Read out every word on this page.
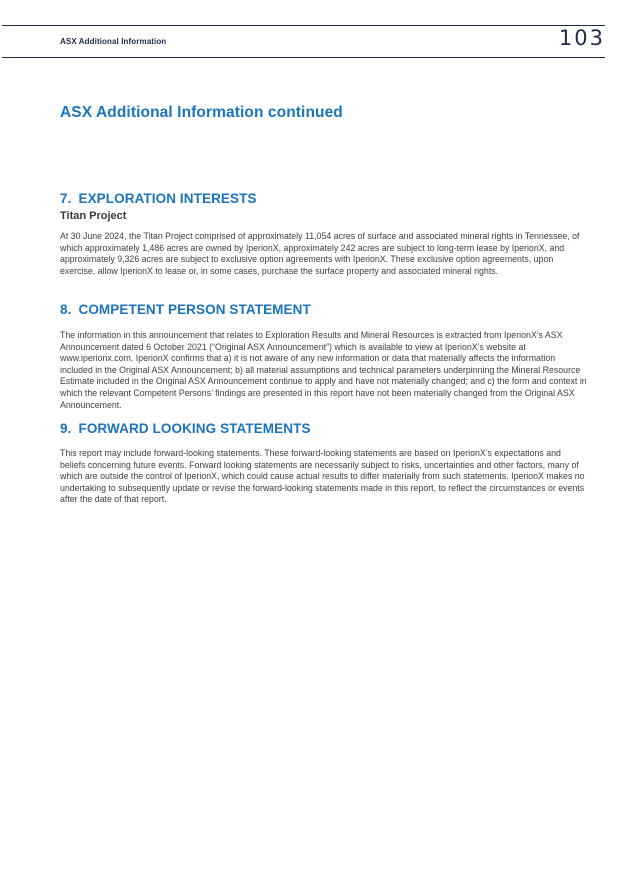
ASX Additional Information	103
ASX Additional Information continued
7. EXPLORATION INTERESTS
Titan Project

At 30 June 2024, the Titan Project comprised of approximately 11,054 acres of surface and associated mineral rights in Tennessee, of which approximately 1,486 acres are owned by IperionX, approximately 242 acres are subject to long-term lease by IperionX, and approximately 9,326 acres are subject to exclusive option agreements with IperionX. These exclusive option agreements, upon exercise, allow IperionX to lease or, in some cases, purchase the surface property and associated mineral rights.

8. COMPETENT PERSON STATEMENT

The information in this announcement that relates to Exploration Results and Mineral Resources is extracted from IperionX’s ASX Announcement dated 6 October 2021 (“Original ASX Announcement”) which is available to view at IperionX’s website at www.iperionx.com. IperionX confirms that a) it is not aware of any new information or data that materially affects the information included in the Original ASX Announcement; b) all material assumptions and technical parameters underpinning the Mineral Resource Estimate included in the Original ASX Announcement continue to apply and have not materially changed; and c) the form and context in which the relevant Competent Persons’ findings are presented in this report have not been materially changed from the Original ASX Announcement.

9. FORWARD LOOKING STATEMENTS

This report may include forward-looking statements. These forward-looking statements are based on IperionX’s expectations and beliefs concerning future events. Forward looking statements are necessarily subject to risks, uncertainties and other factors, many of which are outside the control of IperionX, which could cause actual results to differ materially from such statements. IperionX makes no undertaking to subsequently update or revise the forward-looking statements made in this report, to reflect the circumstances or events after the date of that report.
